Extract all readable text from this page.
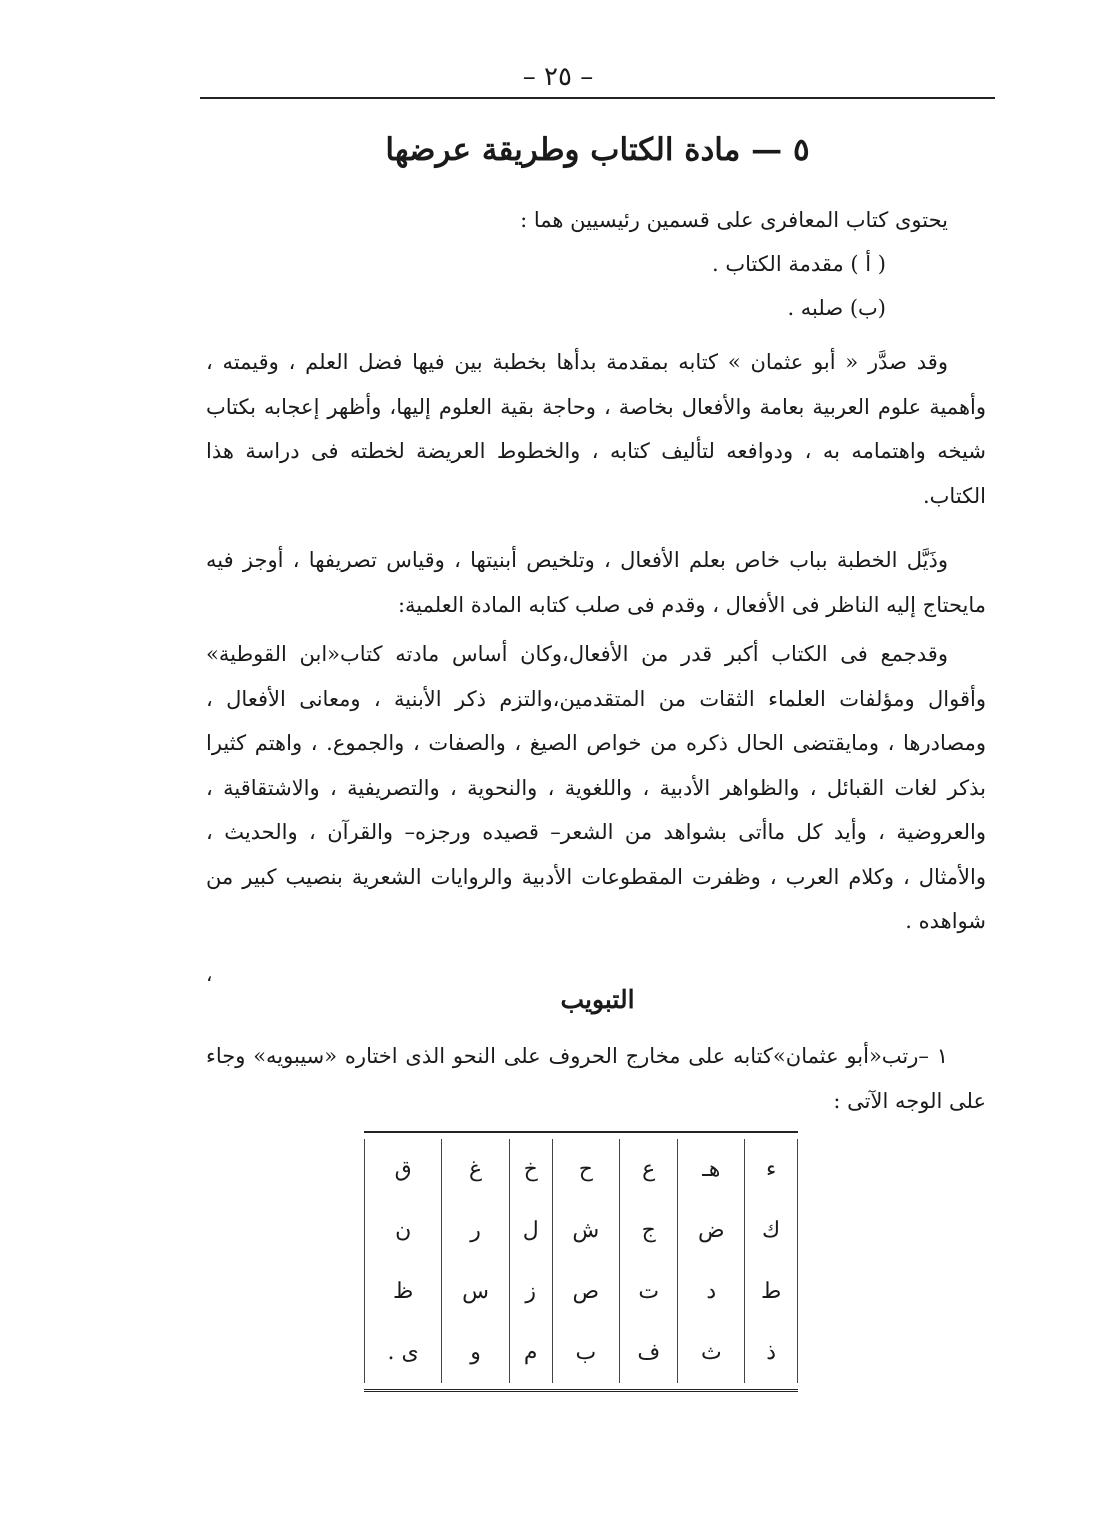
– ٢٥ –
٥ — مادة الكتاب وطريقة عرضها
يحتوى كتاب المعافرى على قسمين رئيسيين هما :
( أ ) مقدمة الكتاب .
(ب) صلبه .

وقد صدَّر « أبو عثمان » كتابه بمقدمة بدأها بخطبة بين فيها فضل العلم ، وقيمته ، وأهمية علوم العربية بعامة والأفعال بخاصة ، وحاجة بقية العلوم إليها، وأظهر إعجابه بكتاب شيخه واهتمامه به ، ودوافعه لتأليف كتابه ، والخطوط العريضة لخطته فى دراسة هذا الكتاب.

وذَيَّل الخطبة بباب خاص بعلم الأفعال ، وتلخيص أبنيتها ، وقياس تصريفها ، أوجز فيه مايحتاج إليه الناظر فى الأفعال ، وقدم فى صلب كتابه المادة العلمية:

وقدجمع فى الكتاب أكبر قدر من الأفعال،وكان أساس مادته كتاب«ابن القوطية» وأقوال ومؤلفات العلماء الثقات من المتقدمين،والتزم ذكر الأبنية ، ومعانى الأفعال ، ومصادرها ، ومايقتضى الحال ذكره من خواص الصيغ ، والصفات ، والجموع. ، واهتم كثيرا بذكر لغات القبائل ، والظواهر الأدبية ، واللغوية ، والنحوية ، والتصريفية ، والاشتقاقية ، والعروضية ، وأيد كل ماأتى بشواهد من الشعر– قصيده ورجزه– والقرآن ، والحديث ، والأمثال ، وكلام العرب ، وظفرت المقطوعات الأدبية والروايات الشعرية بنصيب كبير من شواهده .

،
التبويب

١ –رتب«أبو عثمان»كتابه على مخارج الحروف على النحو الذى اختاره «سيبويه» وجاء على الوجه الآتى :

ء	هـ	ع	ح	خ	غ	ق
ك	ض	ج	ش	ل	ر	ن
ط	د	ت	ص	ز	س	ظ
ذ	ث	ف	ب	م	و	ى .
